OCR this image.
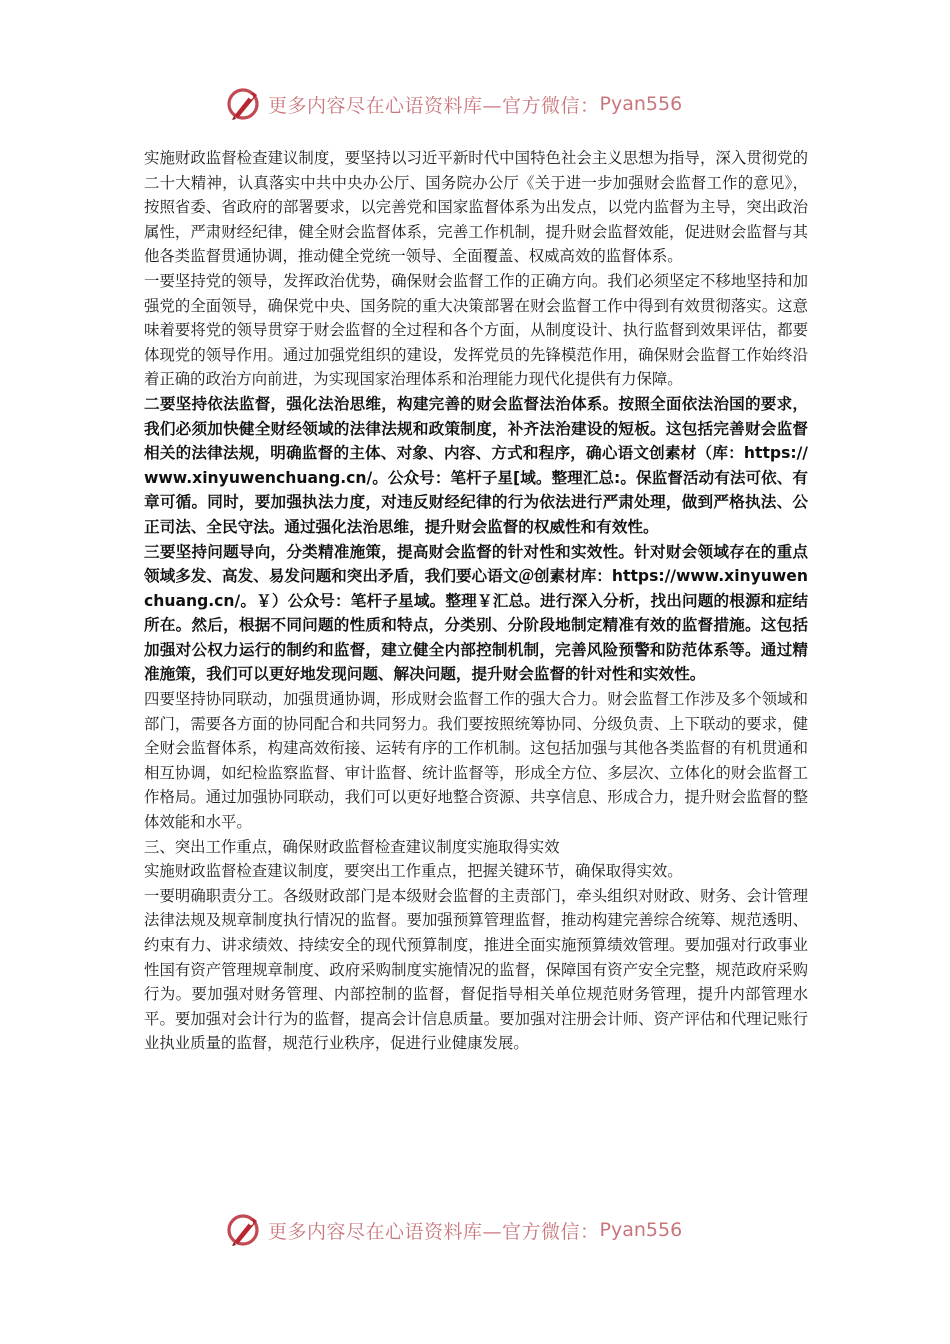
更多内容尽在心语资料库—官方微信： Pyan556

实施财政监督检查建议制度，要坚持以习近平新时代中国特色社会主义思想为指导，深入贯彻党的二十大精神，认真落实中共中央办公厅、国务院办公厅《关于进一步加强财会监督工作的意见》，按照省委、省政府的部署要求，以完善党和国家监督体系为出发点，以党内监督为主导，突出政治属性，严肃财经纪律，健全财会监督体系，完善工作机制，提升财会监督效能，促进财会监督与其他各类监督贯通协调，推动健全党统一领导、全面覆盖、权威高效的监督体系。

一要坚持党的领导，发挥政治优势，确保财会监督工作的正确方向。我们必须坚定不移地坚持和加强党的全面领导，确保党中央、国务院的重大决策部署在财会监督工作中得到有效贯彻落实。这意味着要将党的领导贯穿于财会监督的全过程和各个方面，从制度设计、执行监督到效果评估，都要体现党的领导作用。通过加强党组织的建设，发挥党员的先锋模范作用，确保财会监督工作始终沿着正确的政治方向前进，为实现国家治理体系和治理能力现代化提供有力保障。

二要坚持依法监督，强化法治思维，构建完善的财会监督法治体系。按照全面依法治国的要求，我们必须加快健全财经领域的法律法规和政策制度，补齐法治建设的短板。这包括完善财会监督相关的法律法规，明确监督的主体、对象、内容、方式和程序，确心语文创素材（库：https://www.xinyuwenchuang.cn/。公众号：笔杆子星[域。整理汇总:。保监督活动有法可依、有章可循。同时，要加强执法力度，对违反财经纪律的行为依法进行严肃处理，做到严格执法、公正司法、全民守法。通过强化法治思维，提升财会监督的权威性和有效性。

三要坚持问题导向，分类精准施策，提高财会监督的针对性和实效性。针对财会领域存在的重点领域多发、高发、易发问题和突出矛盾，我们要心语文＠创素材库：https://www.xinyuwenchuang.cn/。￥）公众号：笔杆子星域。整理￥汇总。进行深入分析，找出问题的根源和症结所在。然后，根据不同问题的性质和特点，分类别、分阶段地制定精准有效的监督措施。这包括加强对公权力运行的制约和监督，建立健全内部控制机制，完善风险预警和防范体系等。通过精准施策，我们可以更好地发现问题、解决问题，提升财会监督的针对性和实效性。

四要坚持协同联动，加强贯通协调，形成财会监督工作的强大合力。财会监督工作涉及多个领域和部门，需要各方面的协同配合和共同努力。我们要按照统筹协同、分级负责、上下联动的要求，健全财会监督体系，构建高效衔接、运转有序的工作机制。这包括加强与其他各类监督的有机贯通和相互协调，如纪检监察监督、审计监督、统计监督等，形成全方位、多层次、立体化的财会监督工作格局。通过加强协同联动，我们可以更好地整合资源、共享信息、形成合力，提升财会监督的整体效能和水平。

三、突出工作重点，确保财政监督检查建议制度实施取得实效

实施财政监督检查建议制度，要突出工作重点，把握关键环节，确保取得实效。

一要明确职责分工。各级财政部门是本级财会监督的主责部门，牵头组织对财政、财务、会计管理法律法规及规章制度执行情况的监督。要加强预算管理监督，推动构建完善综合统筹、规范透明、约束有力、讲求绩效、持续安全的现代预算制度，推进全面实施预算绩效管理。要加强对行政事业性国有资产管理规章制度、政府采购制度实施情况的监督，保障国有资产安全完整，规范政府采购行为。要加强对财务管理、内部控制的监督，督促指导相关单位规范财务管理，提升内部管理水平。要加强对会计行为的监督，提高会计信息质量。要加强对注册会计师、资产评估和代理记账行业执业质量的监督，规范行业秩序，促进行业健康发展。

更多内容尽在心语资料库—官方微信： Pyan556
